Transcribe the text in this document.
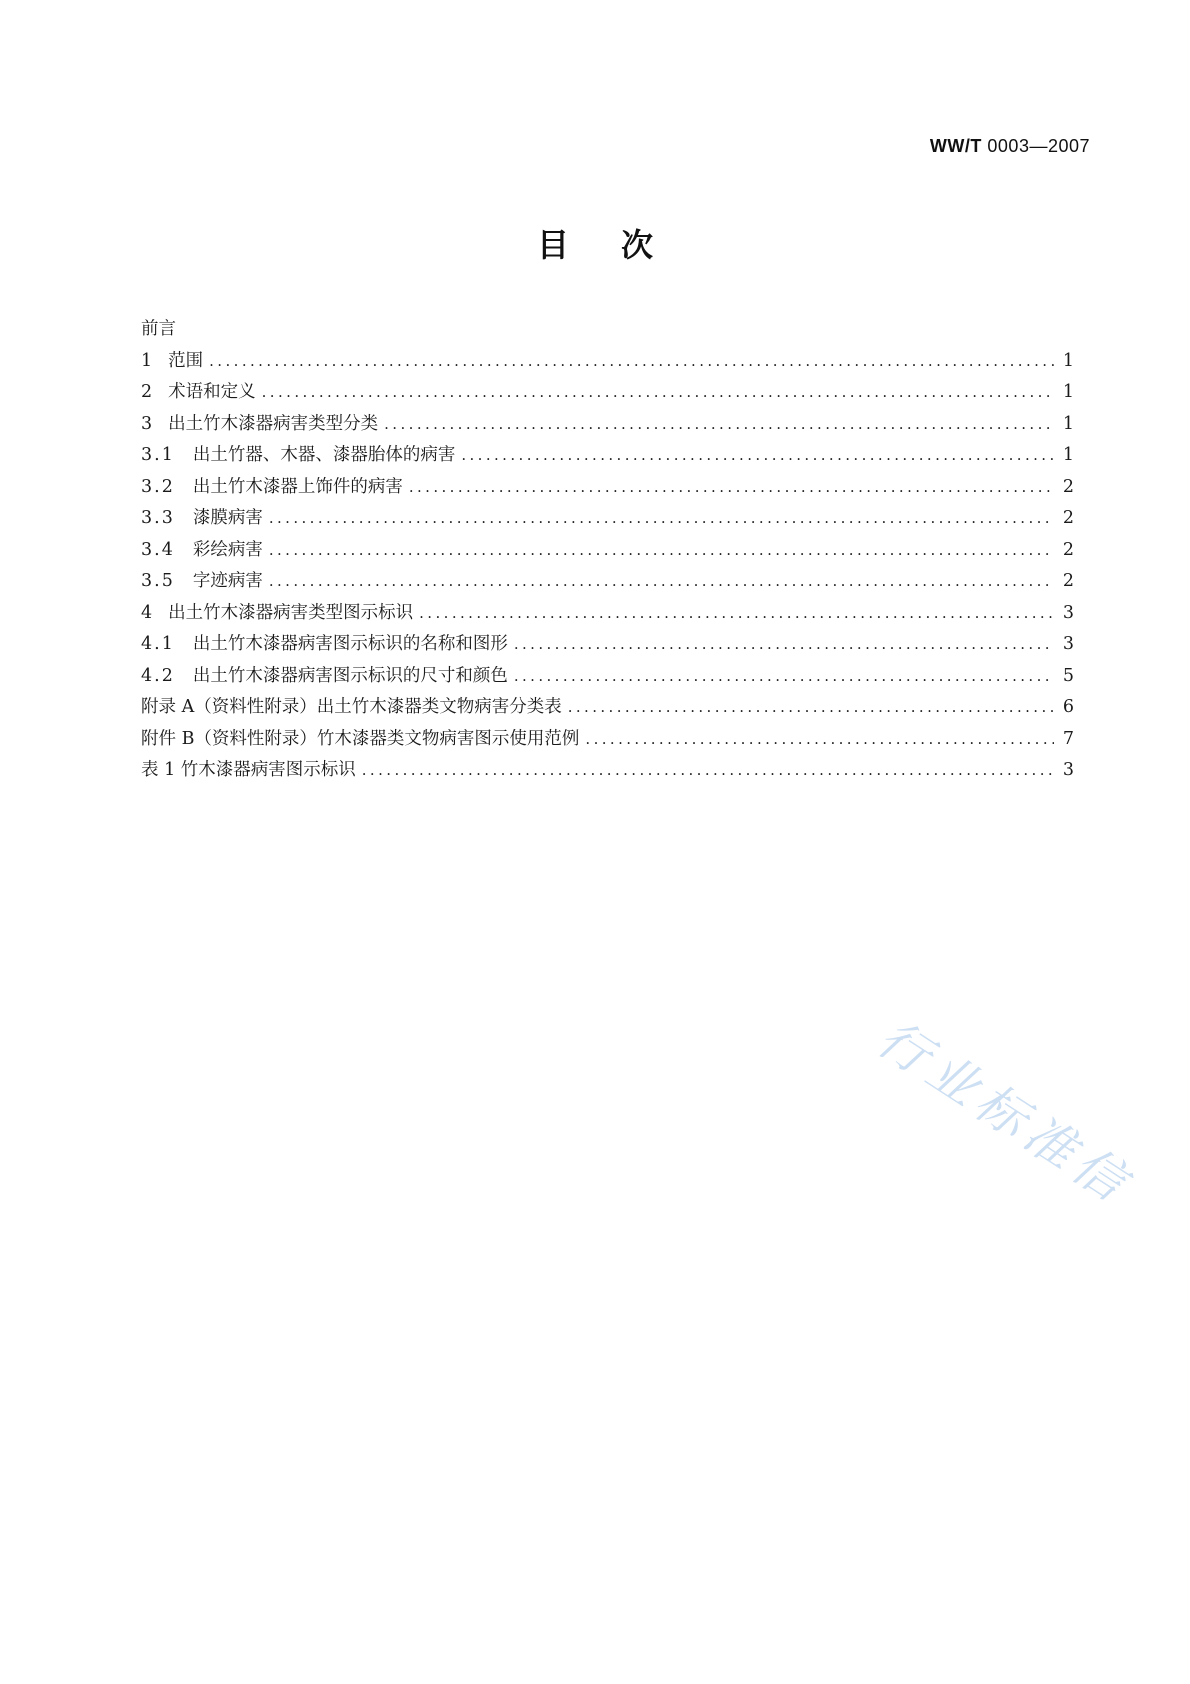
WW/T 0003—2007
目次
前言
1 范围 .....	1
2 术语和定义 .....	1
3 出土竹木漆器病害类型分类 .....	1
3.1 出土竹器、木器、漆器胎体的病害 .....	1
3.2 出土竹木漆器上饰件的病害 .....	2
3.3 漆膜病害 .....	2
3.4 彩绘病害 .....	2
3.5 字迹病害 .....	2
4 出土竹木漆器病害类型图示标识 .....	3
4.1 出土竹木漆器病害图示标识的名称和图形 .....	3
4.2 出土竹木漆器病害图示标识的尺寸和颜色 .....	5
附录 A（资料性附录）出土竹木漆器类文物病害分类表 .....	6
附件 B（资料性附录）竹木漆器类文物病害图示使用范例 .....	7
表 1 竹木漆器病害图示标识 .....	3
行业标准信
